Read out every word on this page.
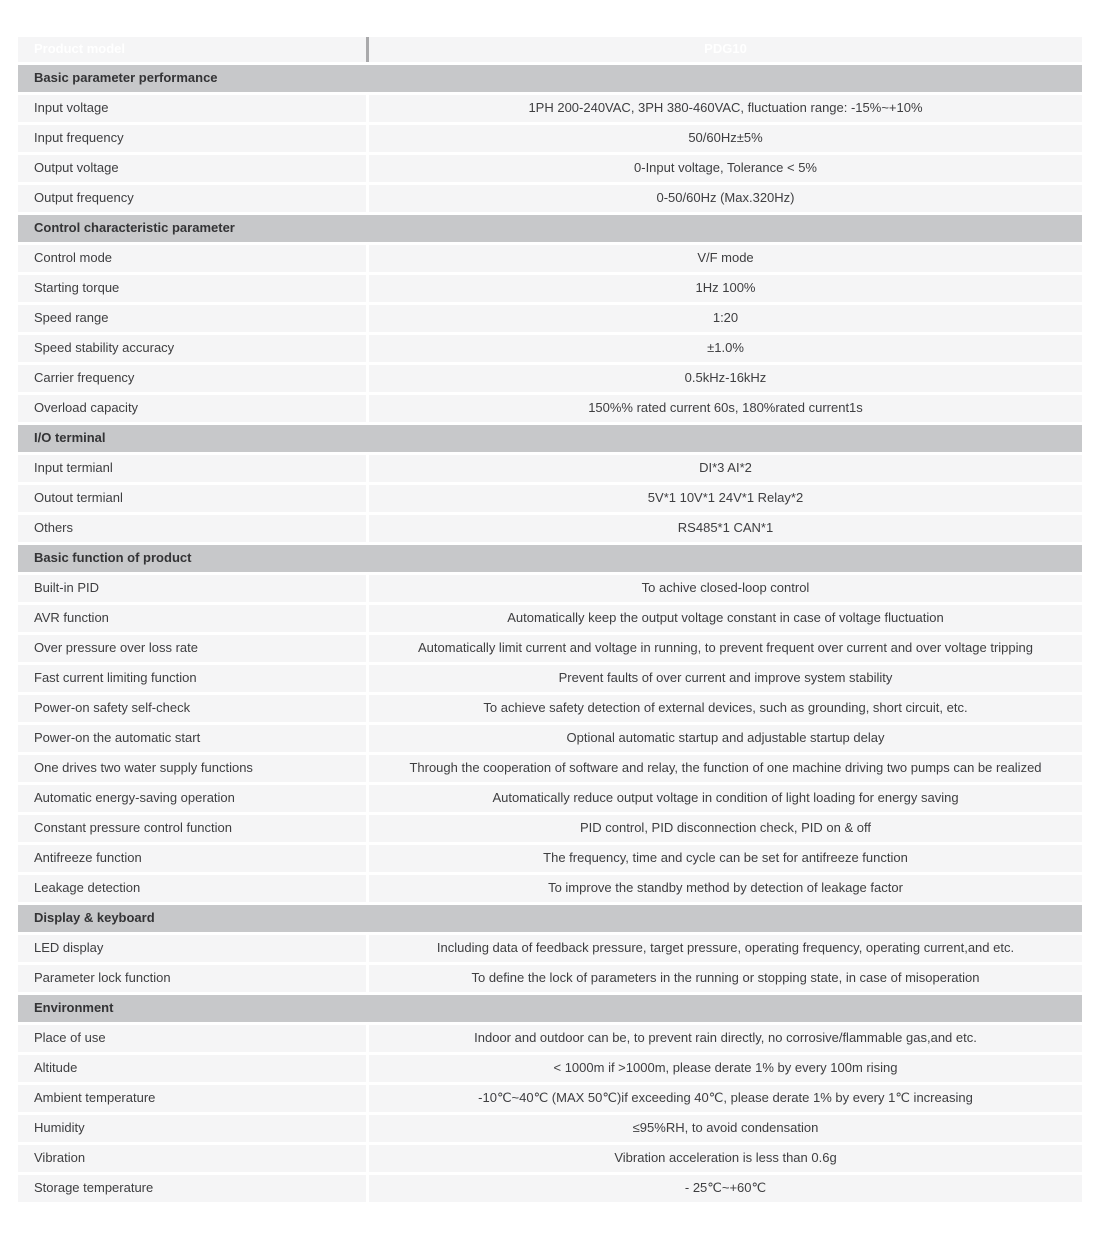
Product model	PDG10
Basic parameter performance
Input voltage	1PH 200-240VAC, 3PH 380-460VAC, fluctuation range: -15%~+10%
Input frequency	50/60Hz±5%
Output voltage	0-Input voltage, Tolerance < 5%
Output frequency	0-50/60Hz (Max.320Hz)
Control characteristic parameter
Control mode	V/F mode
Starting torque	1Hz 100%
Speed range	1:20
Speed stability accuracy	±1.0%
Carrier frequency	0.5kHz-16kHz
Overload capacity	150%% rated current 60s, 180%rated current1s
I/O terminal
Input termianl	DI*3 AI*2
Outout termianl	5V*1 10V*1 24V*1 Relay*2
Others	RS485*1 CAN*1
Basic function of product
Built-in PID	To achive closed-loop control
AVR function	Automatically keep the output voltage constant in case of voltage fluctuation
Over pressure over loss rate	Automatically limit current and voltage in running, to prevent frequent over current and over voltage tripping
Fast current limiting function	Prevent faults of over current and improve system stability
Power-on safety self-check	To achieve safety detection of external devices, such as grounding, short circuit, etc.
Power-on the automatic start	Optional automatic startup and adjustable startup delay
One drives two water supply functions	Through the cooperation of software and relay, the function of one machine driving two pumps can be realized
Automatic energy-saving operation	Automatically reduce output voltage in condition of light loading for energy saving
Constant pressure control function	PID control, PID disconnection check, PID on & off
Antifreeze function	The frequency, time and cycle can be set for antifreeze function
Leakage detection	To improve the standby method by detection of leakage factor
Display & keyboard
LED display	Including data of feedback pressure, target pressure, operating frequency, operating current,and etc.
Parameter lock function	To define the lock of parameters in the running or stopping state, in case of misoperation
Environment
Place of use	Indoor and outdoor can be, to prevent rain directly, no corrosive/flammable gas,and etc.
Altitude	< 1000m if >1000m, please derate 1% by every 100m rising
Ambient temperature	-10℃~40℃ (MAX 50℃)if exceeding 40℃, please derate 1% by every 1℃ increasing
Humidity	≤95%RH, to avoid condensation
Vibration	Vibration acceleration is less than 0.6g
Storage temperature	- 25℃~+60℃
